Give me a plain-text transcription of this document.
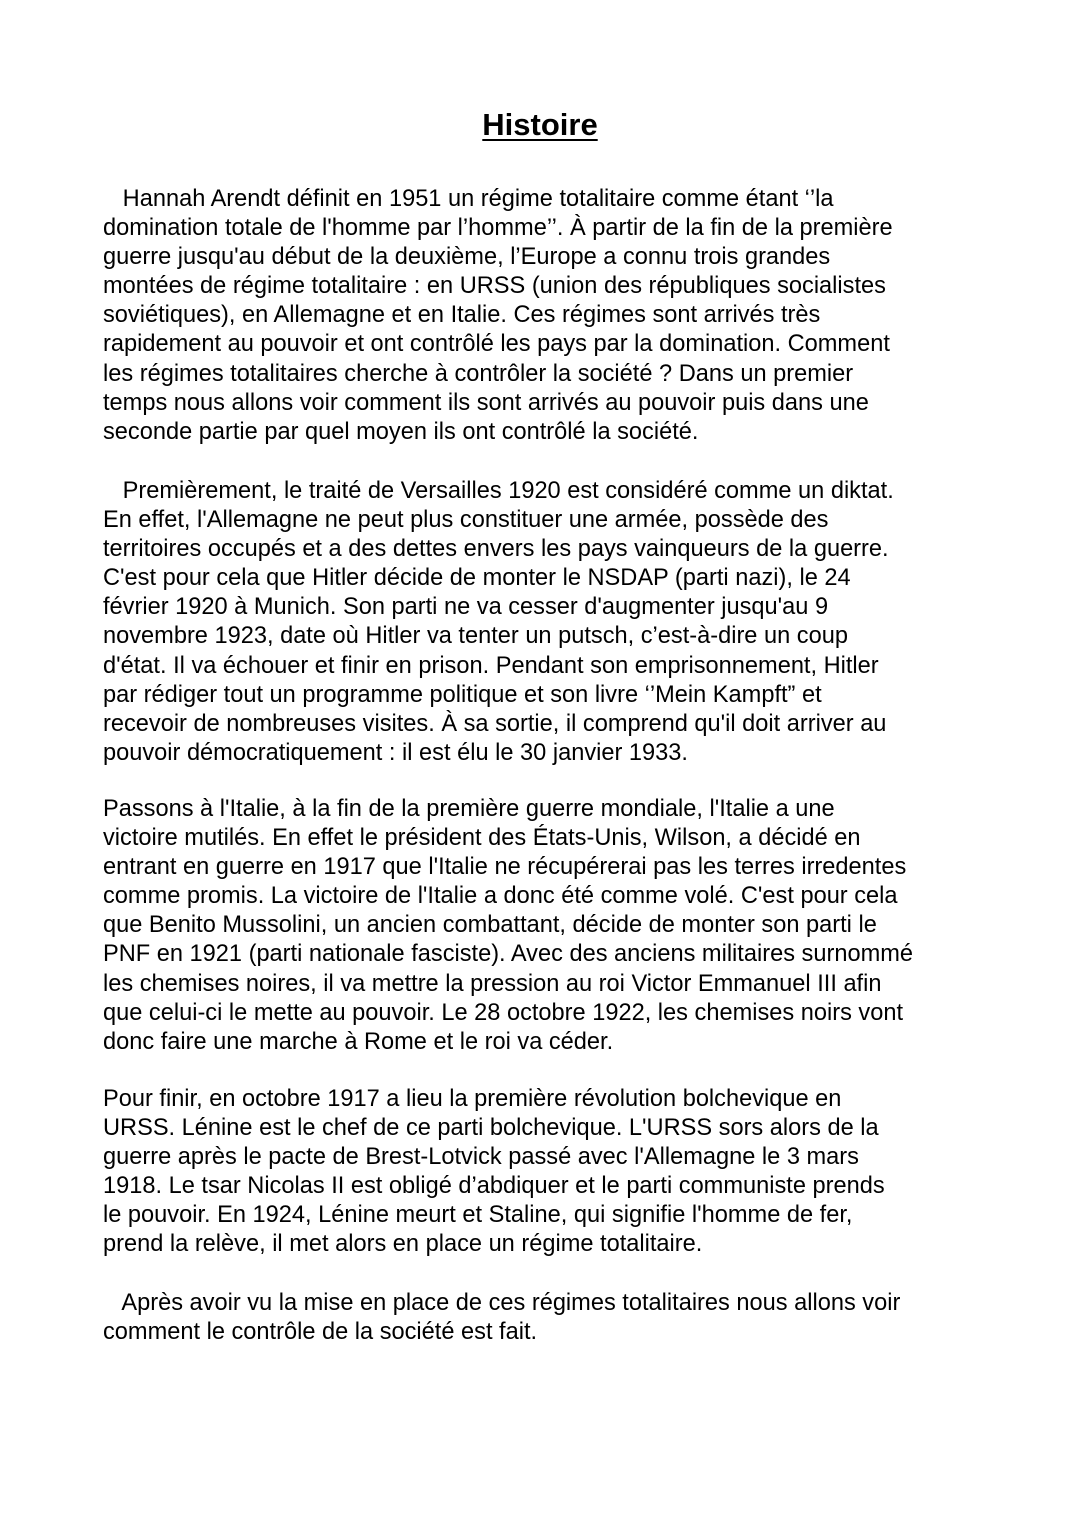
Histoire
Hannah Arendt définit en 1951 un régime totalitaire comme étant ‘’la
domination totale de l'homme par l’homme’’. À partir de la fin de la première
guerre jusqu'au début de la deuxième, l’Europe a connu trois grandes
montées de régime totalitaire : en URSS (union des républiques socialistes
soviétiques), en Allemagne et en Italie. Ces régimes sont arrivés très
rapidement au pouvoir et ont contrôlé les pays par la domination. Comment
les régimes totalitaires cherche à contrôler la société ? Dans un premier
temps nous allons voir comment ils sont arrivés au pouvoir puis dans une
seconde partie par quel moyen ils ont contrôlé la société.
Premièrement, le traité de Versailles 1920 est considéré comme un diktat.
En effet, l'Allemagne ne peut plus constituer une armée, possède des
territoires occupés et a des dettes envers les pays vainqueurs de la guerre.
C'est pour cela que Hitler décide de monter le NSDAP (parti nazi), le 24
février 1920 à Munich. Son parti ne va cesser d'augmenter jusqu'au 9
novembre 1923, date où Hitler va tenter un putsch, c’est-à-dire un coup
d'état. Il va échouer et finir en prison. Pendant son emprisonnement, Hitler
par rédiger tout un programme politique et son livre ‘’Mein Kampft” et
recevoir de nombreuses visites. À sa sortie, il comprend qu'il doit arriver au
pouvoir démocratiquement : il est élu le 30 janvier 1933.
Passons à l'Italie, à la fin de la première guerre mondiale, l'Italie a une
victoire mutilés. En effet le président des États-Unis, Wilson, a décidé en
entrant en guerre en 1917 que l'Italie ne récupérerai pas les terres irredentes
comme promis. La victoire de l'Italie a donc été comme volé. C'est pour cela
que Benito Mussolini, un ancien combattant, décide de monter son parti le
PNF en 1921 (parti nationale fasciste). Avec des anciens militaires surnommé
les chemises noires, il va mettre la pression au roi Victor Emmanuel III afin
que celui-ci le mette au pouvoir. Le 28 octobre 1922, les chemises noirs vont
donc faire une marche à Rome et le roi va céder.
Pour finir, en octobre 1917 a lieu la première révolution bolchevique en
URSS. Lénine est le chef de ce parti bolchevique. L'URSS sors alors de la
guerre après le pacte de Brest-Lotvick passé avec l'Allemagne le 3 mars
1918. Le tsar Nicolas II est obligé d’abdiquer et le parti communiste prends
le pouvoir. En 1924, Lénine meurt et Staline, qui signifie l'homme de fer,
prend la relève, il met alors en place un régime totalitaire.
Après avoir vu la mise en place de ces régimes totalitaires nous allons voir
comment le contrôle de la société est fait.
